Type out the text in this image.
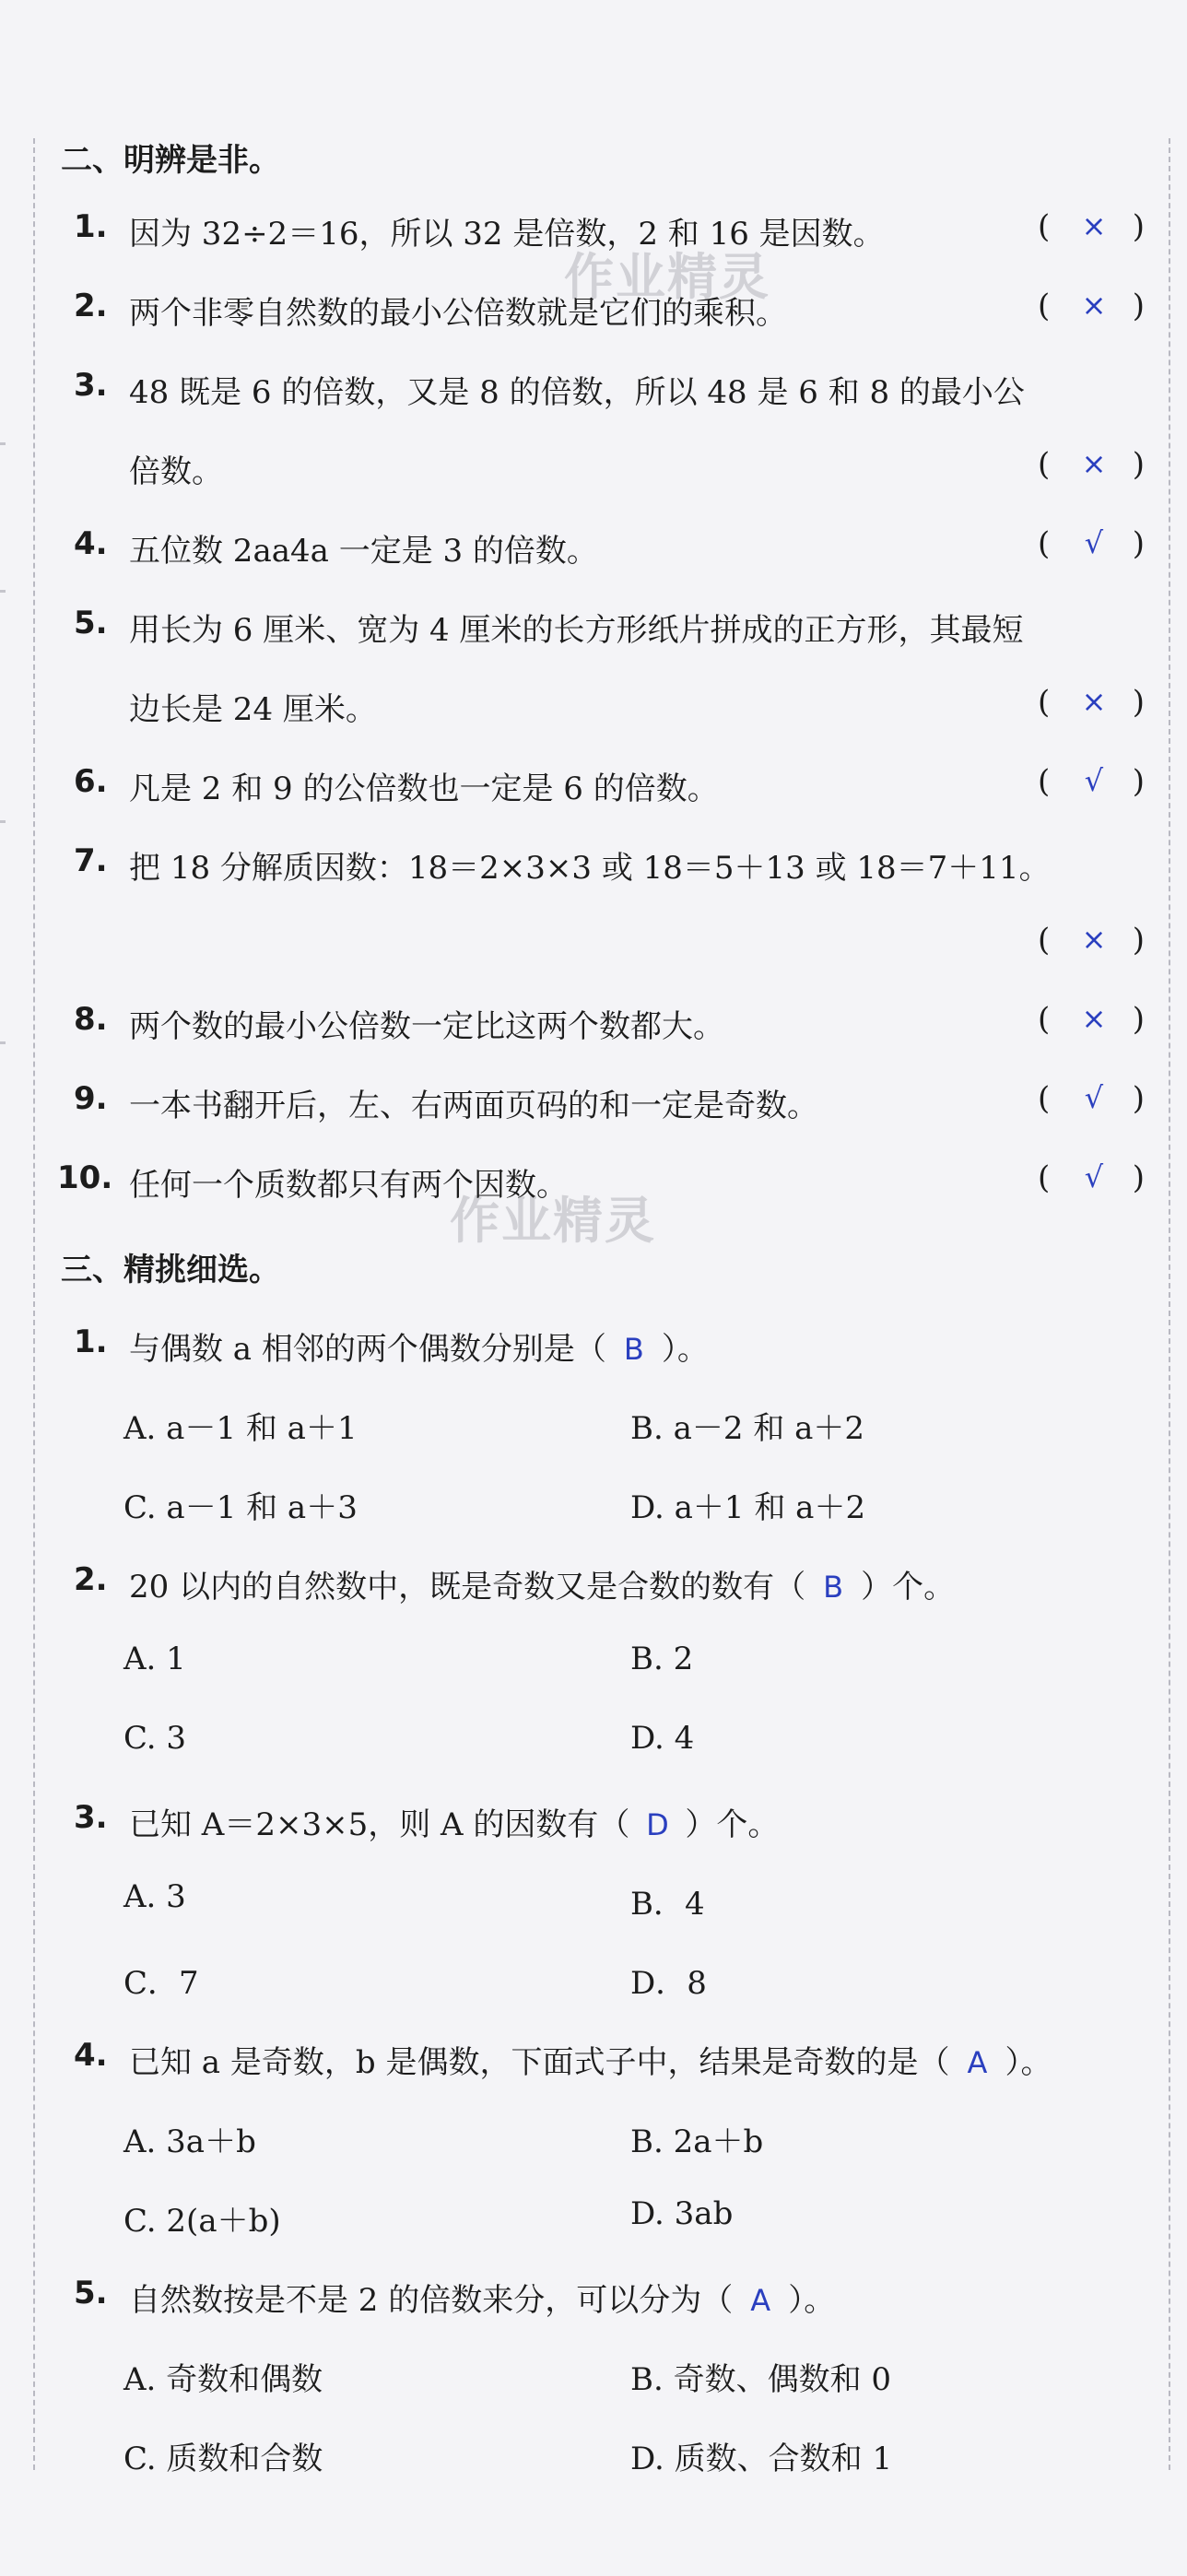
作业精灵
作业精灵
二、明辨是非。
1. 因为 32÷2＝16，所以 32 是倍数，2 和 16 是因数。	( × )
2. 两个非零自然数的最小公倍数就是它们的乘积。	( × )
3. 48 既是 6 的倍数，又是 8 的倍数，所以 48 是 6 和 8 的最小公
倍数。	( × )
4. 五位数 2aa4a 一定是 3 的倍数。	( √ )
5. 用长为 6 厘米、宽为 4 厘米的长方形纸片拼成的正方形，其最短
边长是 24 厘米。	( × )
6. 凡是 2 和 9 的公倍数也一定是 6 的倍数。	( √ )
7. 把 18 分解质因数：18＝2×3×3 或 18＝5＋13 或 18＝7＋11。
( × )
8. 两个数的最小公倍数一定比这两个数都大。	( × )
9. 一本书翻开后，左、右两面页码的和一定是奇数。	( √ )
10. 任何一个质数都只有两个因数。	( √ )
三、精挑细选。
1. 与偶数 a 相邻的两个偶数分别是（ B ）。
A. a－1 和 a＋1	B. a－2 和 a＋2
C. a－1 和 a＋3	D. a＋1 和 a＋2
2. 20 以内的自然数中，既是奇数又是合数的数有（ B ）个。
A. 1	B. 2
C. 3	D. 4
3. 已知 A＝2×3×5，则 A 的因数有（ D ）个。
A. 3	B．4
C．7	D．8
4. 已知 a 是奇数，b 是偶数，下面式子中，结果是奇数的是（ A ）。
A. 3a＋b	B. 2a＋b
C. 2(a＋b)	D. 3ab
5. 自然数按是不是 2 的倍数来分，可以分为（ A ）。
A. 奇数和偶数	B. 奇数、偶数和 0
C. 质数和合数	D. 质数、合数和 1
